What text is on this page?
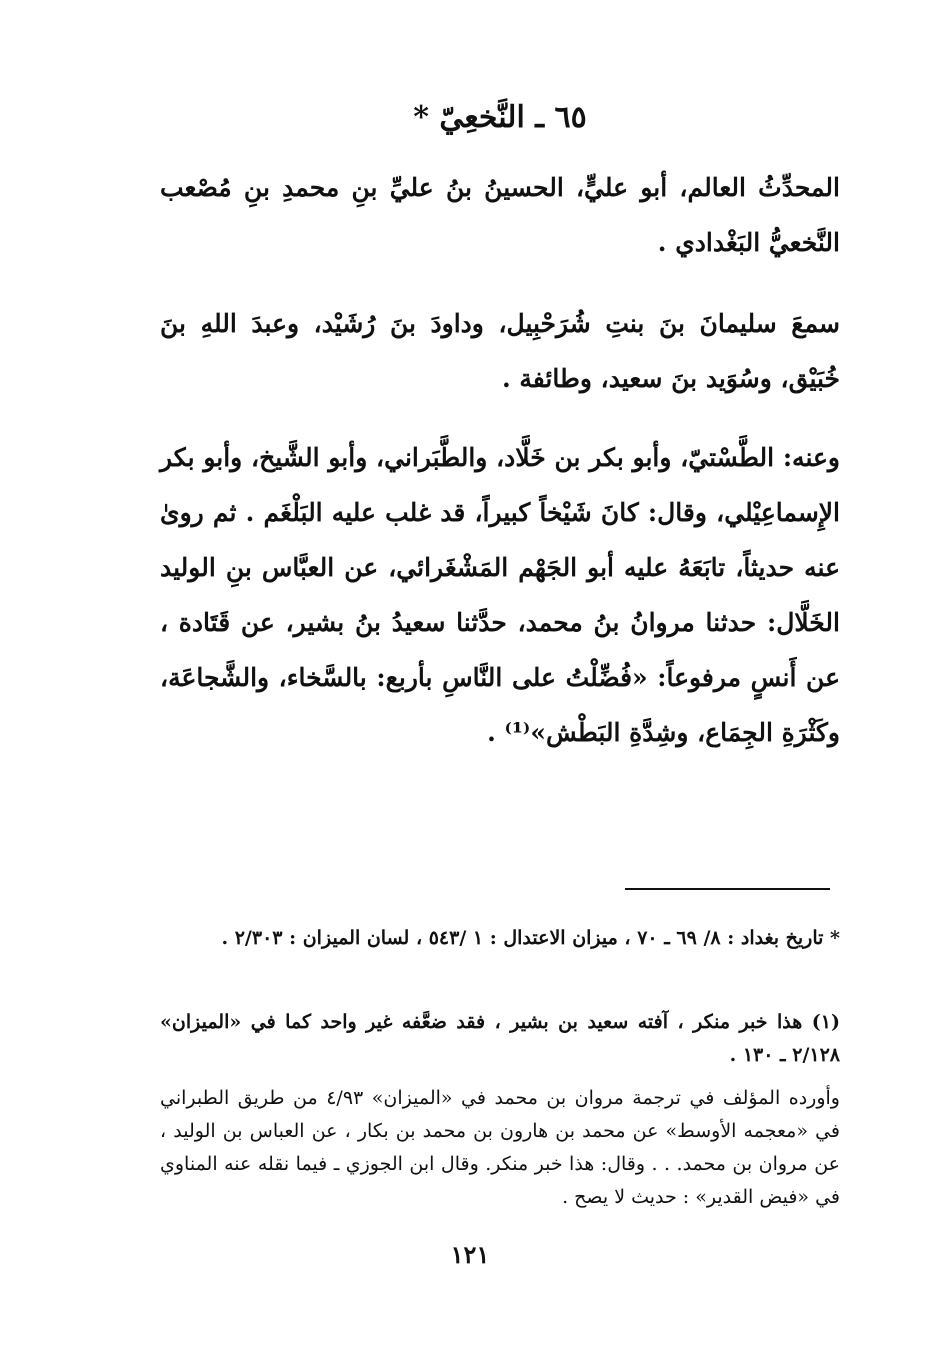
٦٥ ـ النَّخعِيّ *

المحدِّثُ العالم، أبو عليٍّ، الحسينُ بنُ عليِّ بنِ محمدِ بنِ مُصْعب النَّخعيُّ البَغْدادي .

سمعَ سليمانَ بنَ بنتِ شُرَحْبِيل، وداودَ بنَ رُشَيْد، وعبدَ اللهِ بنَ خُبَيْق، وسُوَيد بنَ سعيد، وطائفة .

وعنه: الطَّسْتيّ، وأبو بكر بن خَلَّاد، والطَّبَراني، وأبو الشَّيخ، وأبو بكر الإِسماعِيْلي، وقال: كانَ شَيْخاً كبيراً، قد غلب عليه البَلْغَم . ثم روىٰ عنه حديثاً، تابَعَهُ عليه أبو الجَهْم المَشْغَرائي، عن العبَّاس بنِ الوليد الخَلَّال: حدثنا مروانُ بنُ محمد، حدَّثنا سعيدُ بنُ بشير، عن قَتَادة ، عن أَنسٍ مرفوعاً: «فُضِّلْتُ على النَّاسِ بأربع: بالسَّخاء، والشَّجاعَة، وكَثْرَةِ الجِمَاع، وشِدَّةِ البَطْش»⁽¹⁾ .

* تاريخ بغداد : ٨/ ٦٩ ـ ٧٠ ، ميزان الاعتدال : ١ /٥٤٣ ، لسان الميزان : ٢/٣٠٣ .

(١) هذا خبر منكر ، آفته سعيد بن بشير ، فقد ضعَّفه غير واحد كما في «الميزان» ٢/١٢٨ ـ ١٣٠ .

وأورده المؤلف في ترجمة مروان بن محمد في «الميزان» ٤/٩٣ من طريق الطبراني في «معجمه الأوسط» عن محمد بن هارون بن محمد بن بكار ، عن العباس بن الوليد ، عن مروان بن محمد. . . وقال: هذا خبر منكر. وقال ابن الجوزي ـ فيما نقله عنه المناوي في «فيض القدير» : حديث لا يصح .

١٢١
